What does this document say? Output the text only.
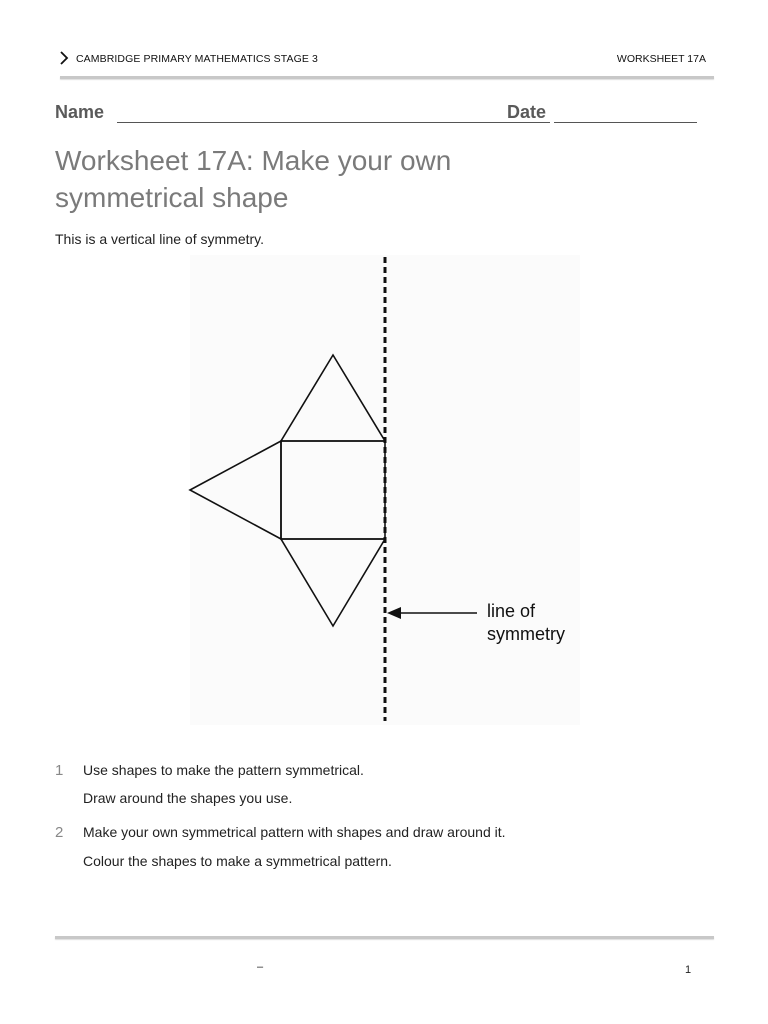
CAMBRIDGE PRIMARY MATHEMATICS STAGE 3	WORKSHEET 17A
Name	Date
Worksheet 17A: Make your own
symmetrical shape
This is a vertical line of symmetry.
line of
symmetry
1 Use shapes to make the pattern symmetrical.
Draw around the shapes you use.
2 Make your own symmetrical pattern with shapes and draw around it.
Colour the shapes to make a symmetrical pattern.
–	1
